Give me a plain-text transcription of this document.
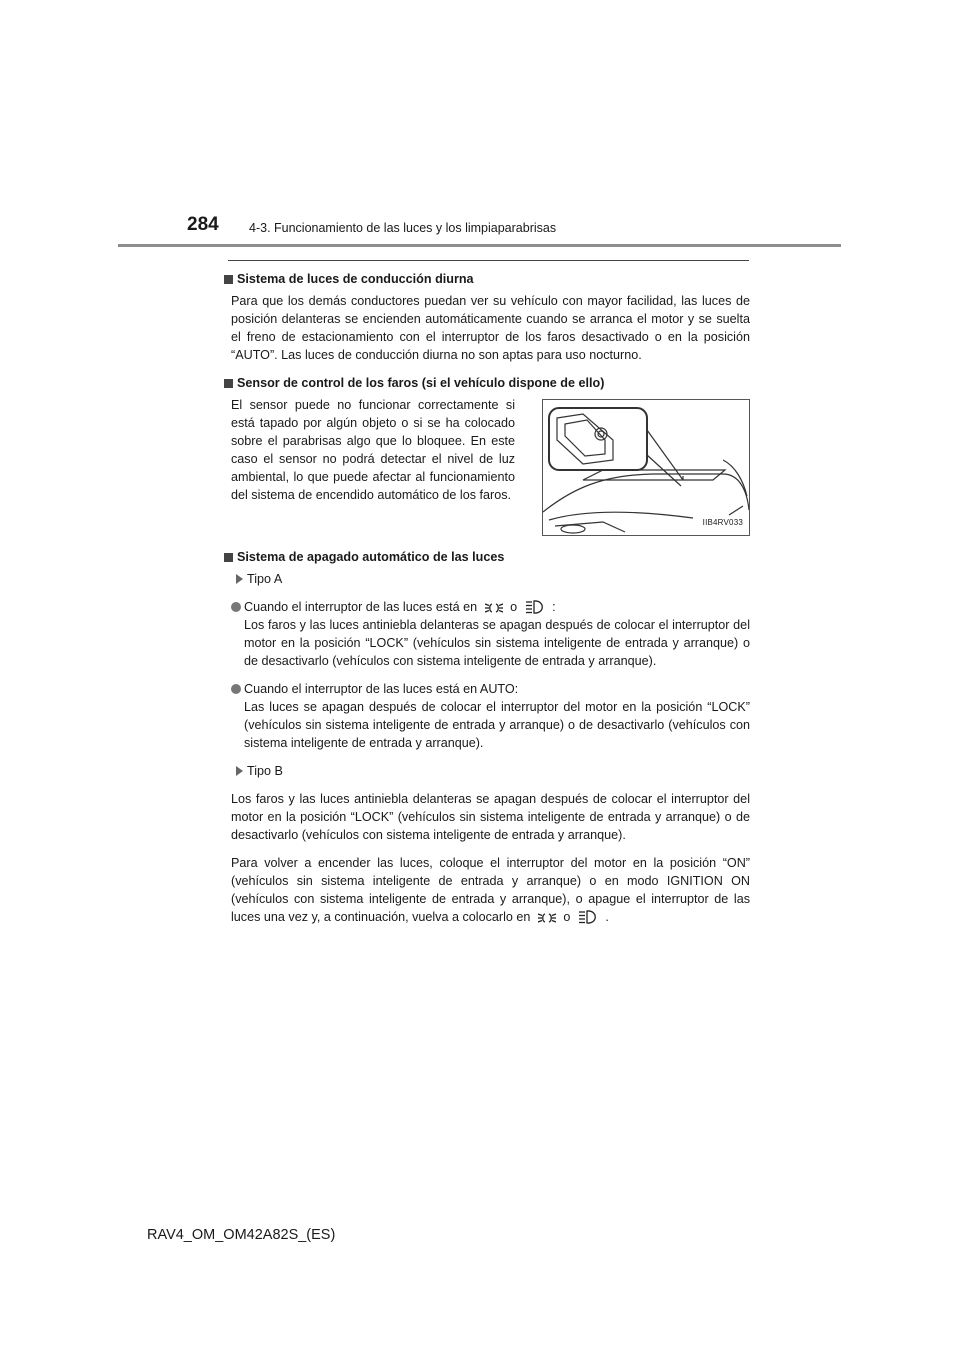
284 4-3. Funcionamiento de las luces y los limpiaparabrisas
Sistema de luces de conducción diurna

Para que los demás conductores puedan ver su vehículo con mayor facilidad, las luces de posición delanteras se encienden automáticamente cuando se arranca el motor y se suelta el freno de estacionamiento con el interruptor de los faros desactivado o en la posición “AUTO”. Las luces de conducción diurna no son aptas para uso nocturno.

Sensor de control de los faros (si el vehículo dispone de ello)

El sensor puede no funcionar correctamente si está tapado por algún objeto o si se ha colocado sobre el parabrisas algo que lo bloquee. En este caso el sensor no podrá detectar el nivel de luz ambiental, lo que puede afectar al funcionamiento del sistema de encendido automático de los faros.

IIB4RV033
Sistema de apagado automático de las luces
Tipo A
Cuando el interruptor de las luces está en	o	:
Los faros y las luces antiniebla delanteras se apagan después de colocar el interruptor del motor en la posición “LOCK” (vehículos sin sistema inteligente de entrada y arranque) o de desactivarlo (vehículos con sistema inteligente de entrada y arranque).
Cuando el interruptor de las luces está en AUTO:
Las luces se apagan después de colocar el interruptor del motor en la posición “LOCK” (vehículos sin sistema inteligente de entrada y arranque) o de desactivarlo (vehículos con sistema inteligente de entrada y arranque).
Tipo B

Los faros y las luces antiniebla delanteras se apagan después de colocar el interruptor del motor en la posición “LOCK” (vehículos sin sistema inteligente de entrada y arranque) o de desactivarlo (vehículos con sistema inteligente de entrada y arranque).

Para volver a encender las luces, coloque el interruptor del motor en la posición “ON” (vehículos sin sistema inteligente de entrada y arranque) o en modo IGNITION ON (vehículos con sistema inteligente de entrada y arranque), o apague el interruptor de las luces una vez y, a continuación, vuelva a colocarlo en	o	.

RAV4_OM_OM42A82S_(ES)
